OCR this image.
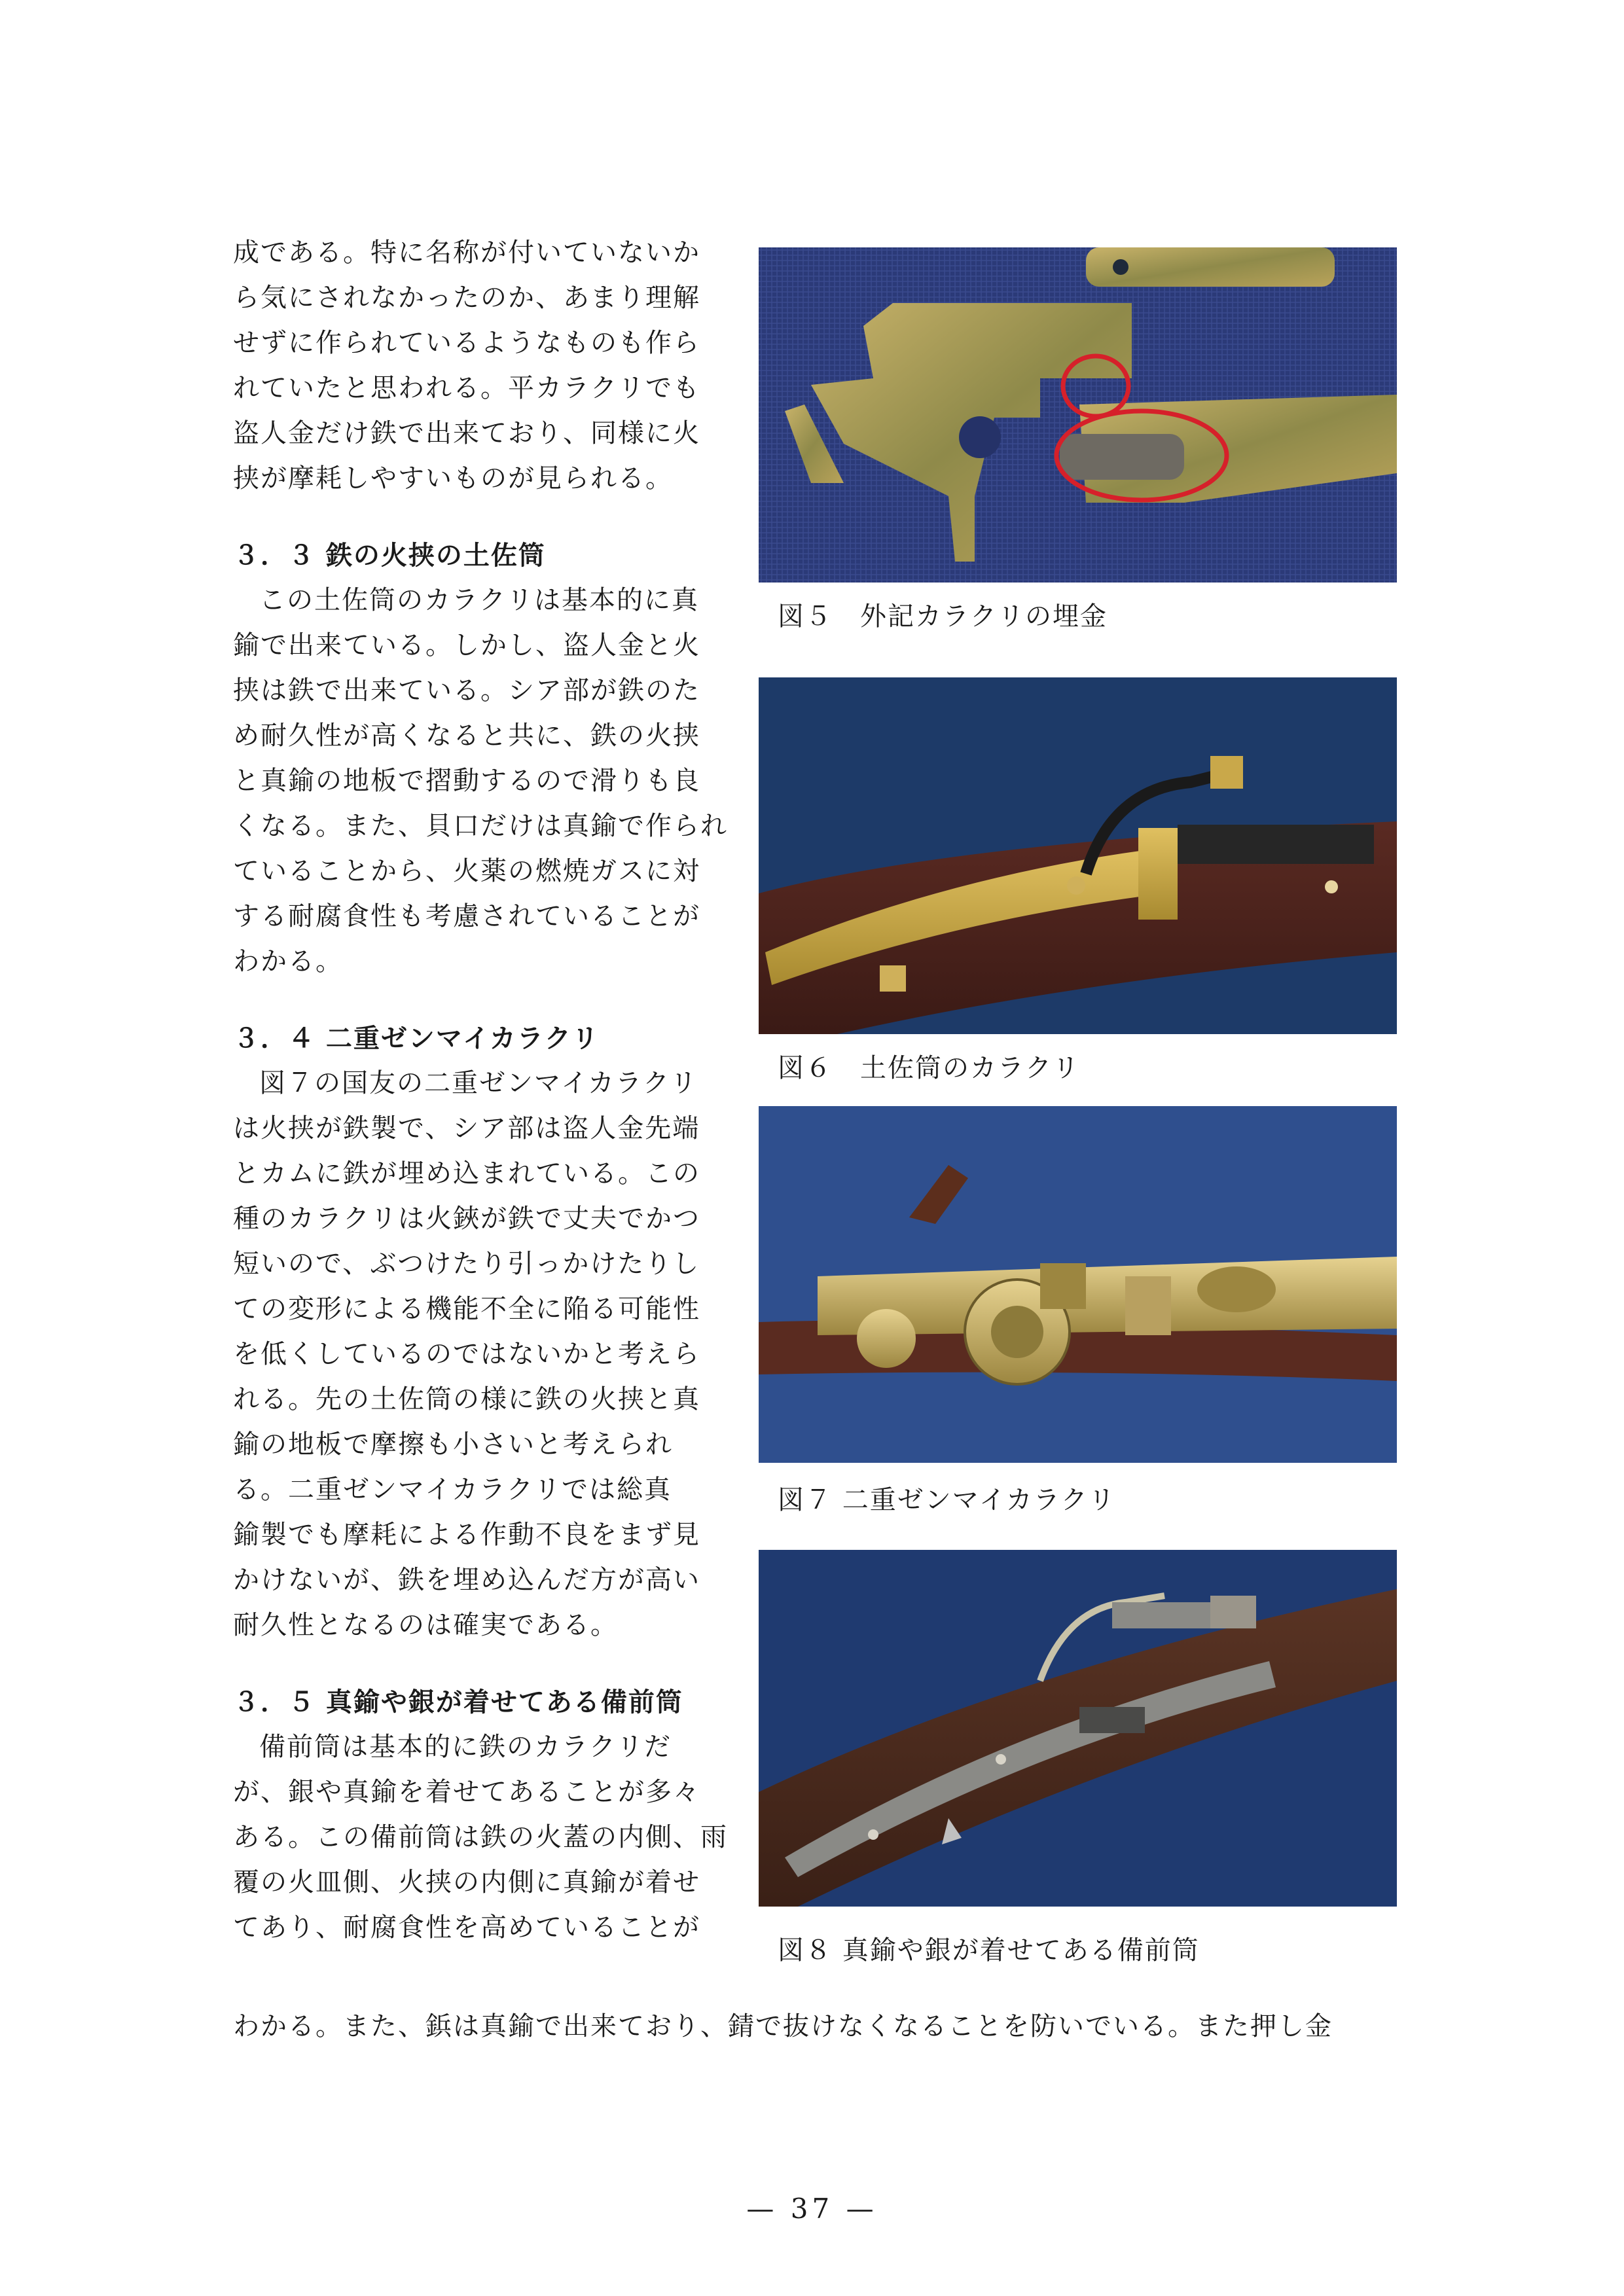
成である。特に名称が付いていないか
ら気にされなかったのか、あまり理解
せずに作られているようなものも作ら
れていたと思われる。平カラクリでも
盗人金だけ鉄で出来ており、同様に火
挟が摩耗しやすいものが見られる。
３．３ 鉄の火挟の土佐筒
この土佐筒のカラクリは基本的に真
鍮で出来ている。しかし、盗人金と火
挟は鉄で出来ている。シア部が鉄のた
め耐久性が高くなると共に、鉄の火挟
と真鍮の地板で摺動するので滑りも良
くなる。また、貝口だけは真鍮で作られ
ていることから、火薬の燃焼ガスに対
する耐腐食性も考慮されていることが
わかる。
３．４ 二重ゼンマイカラクリ
図７の国友の二重ゼンマイカラクリ
は火挟が鉄製で、シア部は盗人金先端
とカムに鉄が埋め込まれている。この
種のカラクリは火鋏が鉄で丈夫でかつ
短いので、ぶつけたり引っかけたりし
ての変形による機能不全に陥る可能性
を低くしているのではないかと考えら
れる。先の土佐筒の様に鉄の火挟と真
鍮の地板で摩擦も小さいと考えられ
る。二重ゼンマイカラクリでは総真
鍮製でも摩耗による作動不良をまず見
かけないが、鉄を埋め込んだ方が高い
耐久性となるのは確実である。
３．５ 真鍮や銀が着せてある備前筒
備前筒は基本的に鉄のカラクリだ
が、銀や真鍮を着せてあることが多々
ある。この備前筒は鉄の火蓋の内側、雨
覆の火皿側、火挟の内側に真鍮が着せ
てあり、耐腐食性を高めていることが
わかる。また、鋲は真鍮で出来ており、錆で抜けなくなることを防いでいる。また押し金
図５　外記カラクリの埋金
図６　土佐筒のカラクリ
図７ 二重ゼンマイカラクリ
図８ 真鍮や銀が着せてある備前筒
— 37 —
